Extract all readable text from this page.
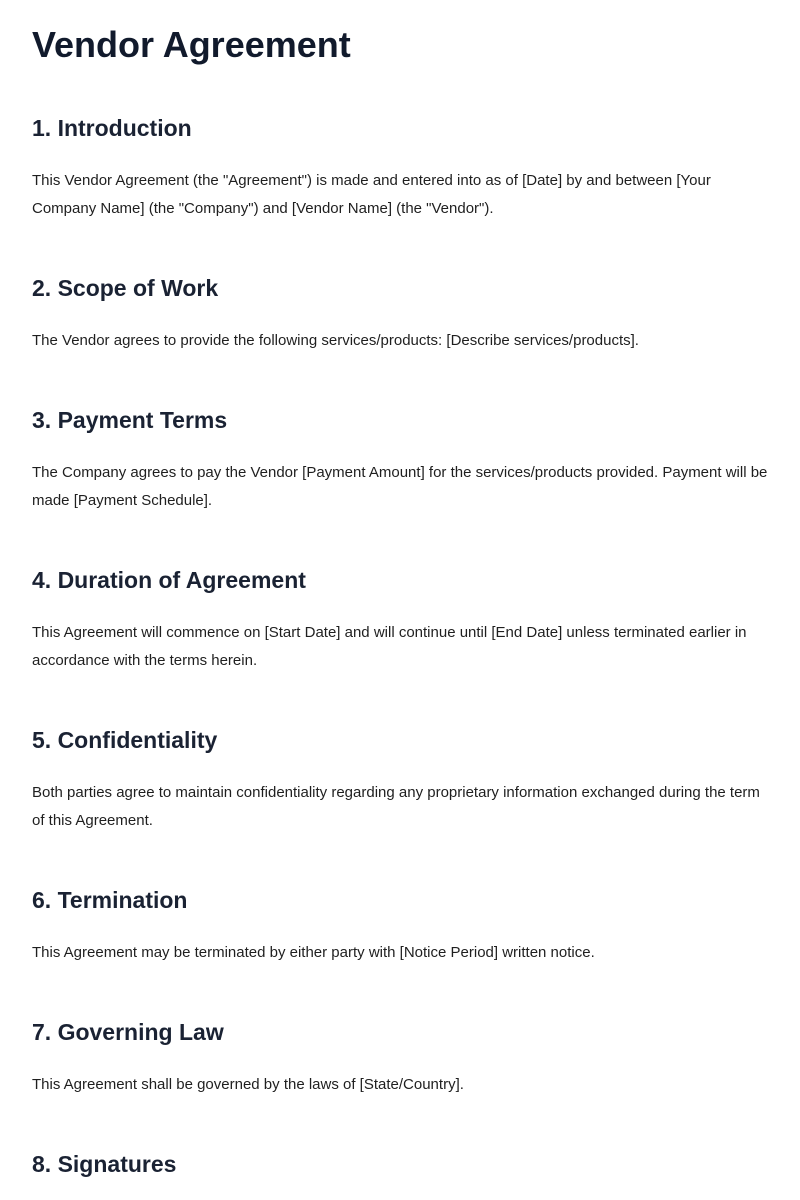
Vendor Agreement
1. Introduction

This Vendor Agreement (the "Agreement") is made and entered into as of [Date] by and between [Your Company Name] (the "Company") and [Vendor Name] (the "Vendor").

2. Scope of Work

The Vendor agrees to provide the following services/products: [Describe services/products].

3. Payment Terms

The Company agrees to pay the Vendor [Payment Amount] for the services/products provided. Payment will be made [Payment Schedule].

4. Duration of Agreement

This Agreement will commence on [Start Date] and will continue until [End Date] unless terminated earlier in accordance with the terms herein.

5. Confidentiality

Both parties agree to maintain confidentiality regarding any proprietary information exchanged during the term of this Agreement.

6. Termination

This Agreement may be terminated by either party with [Notice Period] written notice.

7. Governing Law

This Agreement shall be governed by the laws of [State/Country].

8. Signatures
